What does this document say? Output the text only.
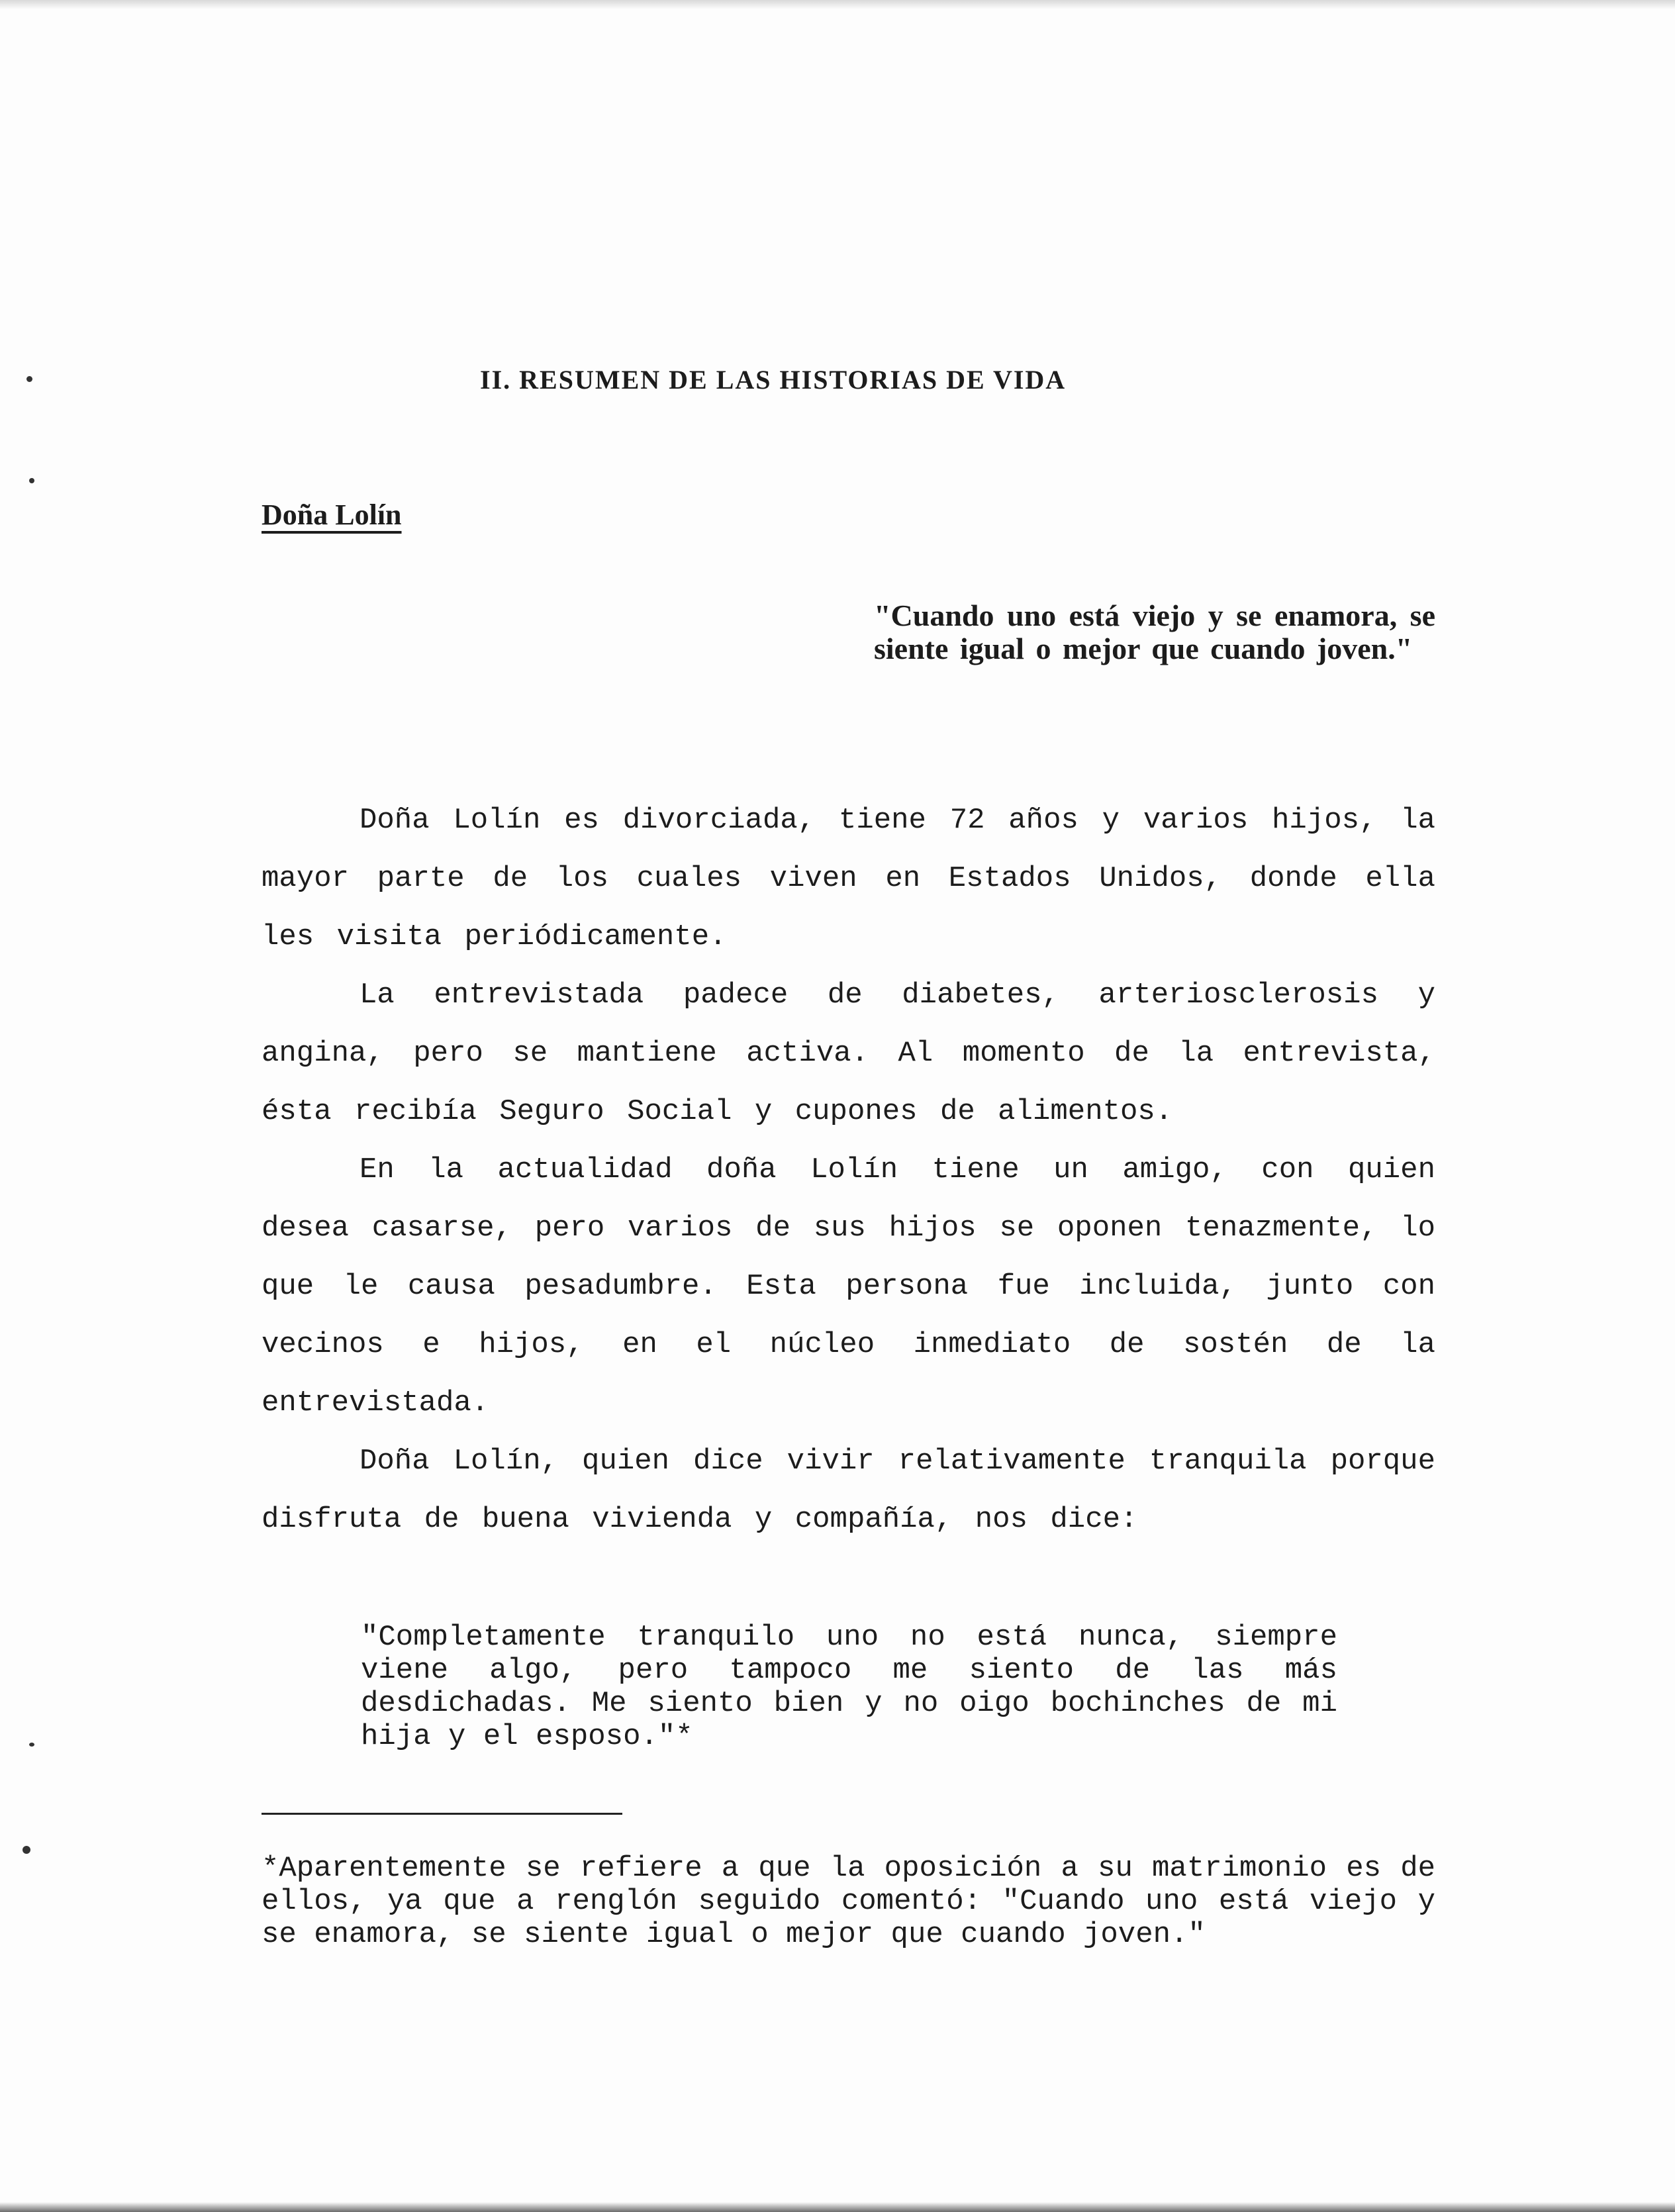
II. RESUMEN DE LAS HISTORIAS DE VIDA
Doña Lolín
"Cuando uno está viejo y se enamora, se siente igual o mejor que cuando joven."

Doña Lolín es divorciada, tiene 72 años y varios hijos, la mayor parte de los cuales viven en Estados Unidos, donde ella les visita periódicamente.

La entrevistada padece de diabetes, arteriosclerosis y angina, pero se mantiene activa. Al momento de la entrevista, ésta recibía Seguro Social y cupones de alimentos.

En la actualidad doña Lolín tiene un amigo, con quien desea casarse, pero varios de sus hijos se oponen tenazmente, lo que le causa pesadumbre. Esta persona fue incluida, junto con vecinos e hijos, en el núcleo inmediato de sostén de la entrevistada.

Doña Lolín, quien dice vivir relativamente tranquila porque disfruta de buena vivienda y compañía, nos dice:

"Completamente tranquilo uno no está nunca, siempre viene algo, pero tampoco me siento de las más desdichadas. Me siento bien y no oigo bochinches de mi hija y el esposo."*

*Aparentemente se refiere a que la oposición a su matrimonio es de ellos, ya que a renglón seguido comentó: "Cuando uno está viejo y se enamora, se siente igual o mejor que cuando joven."
